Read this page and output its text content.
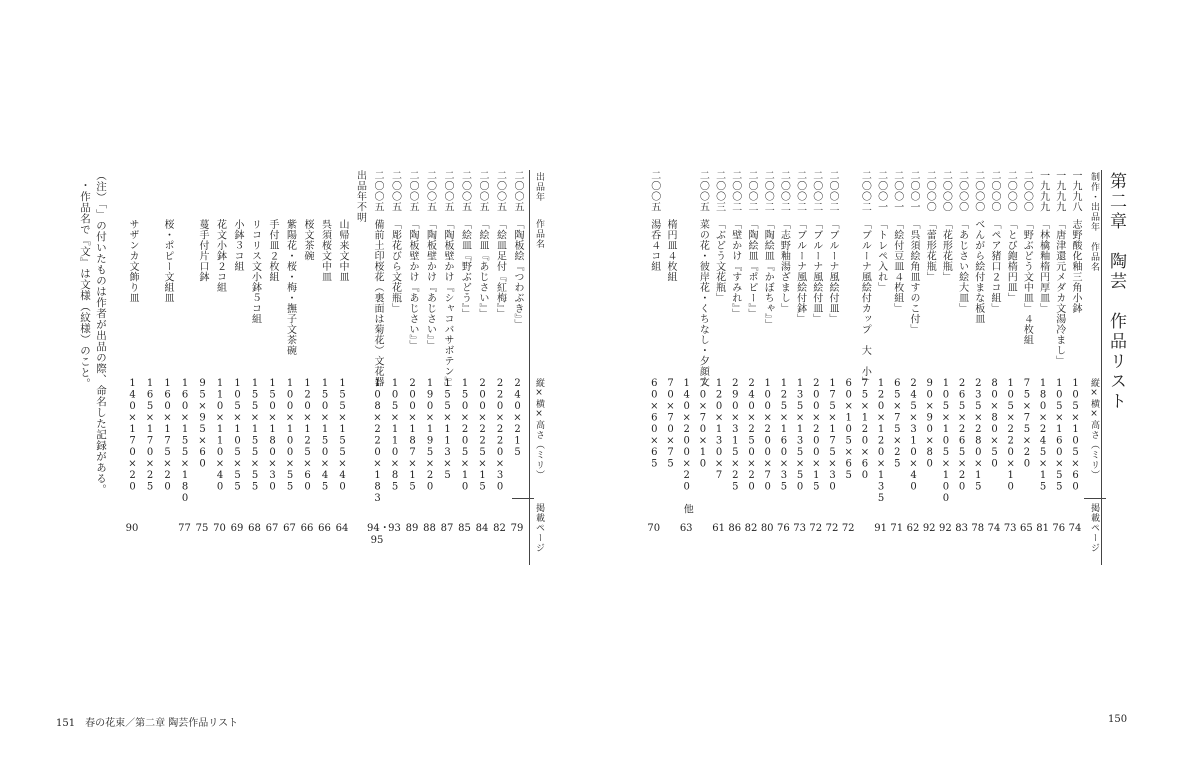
第二章　陶芸　作品リスト
制作・出品年　作品名
縦×横×高さ（ミリ）
掲載ページ
一九九八
志野酸化釉三角小鉢
105×105×60
74
一九九九
「唐津還元メダカ文湯冷まし」
105×160×55
76
一九九九
「林檎釉楕円厚皿」
180×245×15
81
二〇〇〇
「野ぶどう文中皿」４枚組
75×75×20
65
二〇〇〇
「とび鉋楕円皿」
105×220×10
73
二〇〇〇
「ペア猪口２コ組」
80×80×50
74
二〇〇〇
べんがら絵付まな板皿
235×280×15
78
二〇〇〇
「あじさい絵大皿」
265×265×20
83
二〇〇〇
「花形花瓶」
105×105×100
92
二〇〇〇
「蕾形花瓶」
90×90×80
92
二〇〇一
「呉須絵角皿すのこ付」
245×310×40
62
二〇〇一
「絵付豆皿４枚組」
65×75×25
71
二〇〇一
「トレペ入れ」
120×120×135
91
二〇〇二
「ブルーナ風絵付カップ　大　小」
75×120×60
60×105×65
72
二〇〇二
「ブルーナ風絵付皿」
175×175×30
72
二〇〇二
「ブルーナ風絵付皿」
200×200×15
72
二〇〇二
「ブルーナ風絵付鉢」
135×135×50
73
二〇〇二
「志野釉湯ざまし」
125×160×35
76
二〇〇二
「陶絵皿『かぼちゃ』」
100×200×70
80
二〇〇二
「陶絵皿『ポピー』」
240×250×20
82
二〇〇二
「壁かけ『すみれ』」
290×315×25
86
二〇〇三
「ぶどう文花瓶」
120×130×7
61
二〇〇五
菜の花・彼岸花・くちなし・夕顔文
70×70×10
140×200×20　他
63
楕円皿４枚組
70×70×75
二〇〇五
湯呑４コ組
60×60×65
70
出品年
作品名
縦×横×高さ（ミリ）
掲載ページ
二〇〇五
「陶板絵『つわぶき』」
240×215
79
二〇〇五
「絵皿足付『紅梅』」
220×220×30
82
二〇〇五
「絵皿『あじさい』」
200×225×15
84
二〇〇五
「絵皿『野ぶどう』」
150×205×10
85
二〇〇五
「陶板壁かけ『シャコバサボテン』」
155×113×5
87
二〇〇五
「陶板壁かけ『あじさい』」
190×195×20
88
二〇〇五
「陶板壁かけ『あじさい』」
200×187×15
89
二〇〇五
「彫花びら文花瓶」
105×110×85
93
二〇〇五
備前土印桜花（裏面は菊花）文花器
108×220×183
94・95
出品年不明
山帰来文中皿
155×155×40
64
呉須桜文中皿
150×150×45
66
桜文茶碗
120×125×60
66
紫陽花・桜・梅・撫子文茶碗
100×100×55
67
手付皿２枚組
150×180×30
67
リコリス文小鉢５コ組
155×155×55
68
小鉢３コ組
105×105×55
69
花文小鉢２コ組
110×110×40
70
蔓手付片口鉢
95×95×60
75
160×155×180
77
桜・ポピー文組皿
160×175×20
165×170×25
サザンカ文飾り皿
140×170×20
90
（注）「」の付いたものは作者が出品の際、命名した記録がある。
・作品名で『文』は文様（紋様）のこと。
151　春の花束／第二章 陶芸作品リスト	150
